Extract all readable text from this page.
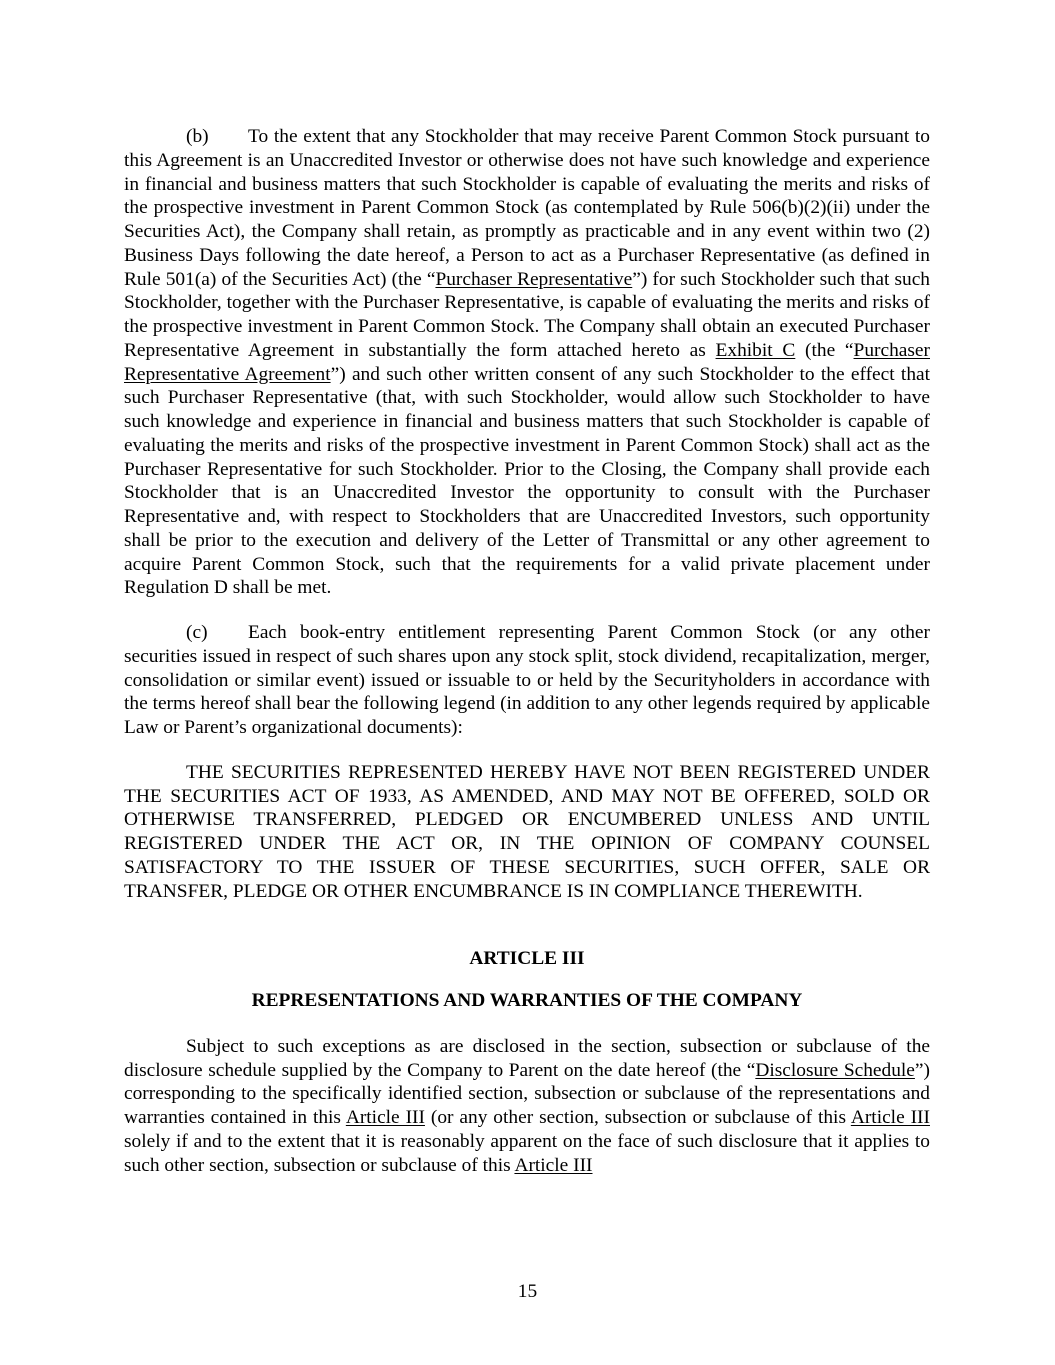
(b) To the extent that any Stockholder that may receive Parent Common Stock pursuant to this Agreement is an Unaccredited Investor or otherwise does not have such knowledge and experience in financial and business matters that such Stockholder is capable of evaluating the merits and risks of the prospective investment in Parent Common Stock (as contemplated by Rule 506(b)(2)(ii) under the Securities Act), the Company shall retain, as promptly as practicable and in any event within two (2) Business Days following the date hereof, a Person to act as a Purchaser Representative (as defined in Rule 501(a) of the Securities Act) (the “Purchaser Representative”) for such Stockholder such that such Stockholder, together with the Purchaser Representative, is capable of evaluating the merits and risks of the prospective investment in Parent Common Stock. The Company shall obtain an executed Purchaser Representative Agreement in substantially the form attached hereto as Exhibit C (the “Purchaser Representative Agreement”) and such other written consent of any such Stockholder to the effect that such Purchaser Representative (that, with such Stockholder, would allow such Stockholder to have such knowledge and experience in financial and business matters that such Stockholder is capable of evaluating the merits and risks of the prospective investment in Parent Common Stock) shall act as the Purchaser Representative for such Stockholder. Prior to the Closing, the Company shall provide each Stockholder that is an Unaccredited Investor the opportunity to consult with the Purchaser Representative and, with respect to Stockholders that are Unaccredited Investors, such opportunity shall be prior to the execution and delivery of the Letter of Transmittal or any other agreement to acquire Parent Common Stock, such that the requirements for a valid private placement under Regulation D shall be met.

(c) Each book-entry entitlement representing Parent Common Stock (or any other securities issued in respect of such shares upon any stock split, stock dividend, recapitalization, merger, consolidation or similar event) issued or issuable to or held by the Securityholders in accordance with the terms hereof shall bear the following legend (in addition to any other legends required by applicable Law or Parent’s organizational documents):

THE SECURITIES REPRESENTED HEREBY HAVE NOT BEEN REGISTERED UNDER THE SECURITIES ACT OF 1933, AS AMENDED, AND MAY NOT BE OFFERED, SOLD OR OTHERWISE TRANSFERRED, PLEDGED OR ENCUMBERED UNLESS AND UNTIL REGISTERED UNDER THE ACT OR, IN THE OPINION OF COMPANY COUNSEL SATISFACTORY TO THE ISSUER OF THESE SECURITIES, SUCH OFFER, SALE OR TRANSFER, PLEDGE OR OTHER ENCUMBRANCE IS IN COMPLIANCE THEREWITH.

ARTICLE III
REPRESENTATIONS AND WARRANTIES OF THE COMPANY

Subject to such exceptions as are disclosed in the section, subsection or subclause of the disclosure schedule supplied by the Company to Parent on the date hereof (the “Disclosure Schedule”) corresponding to the specifically identified section, subsection or subclause of the representations and warranties contained in this Article III (or any other section, subsection or subclause of this Article III solely if and to the extent that it is reasonably apparent on the face of such disclosure that it applies to such other section, subsection or subclause of this Article III

15
